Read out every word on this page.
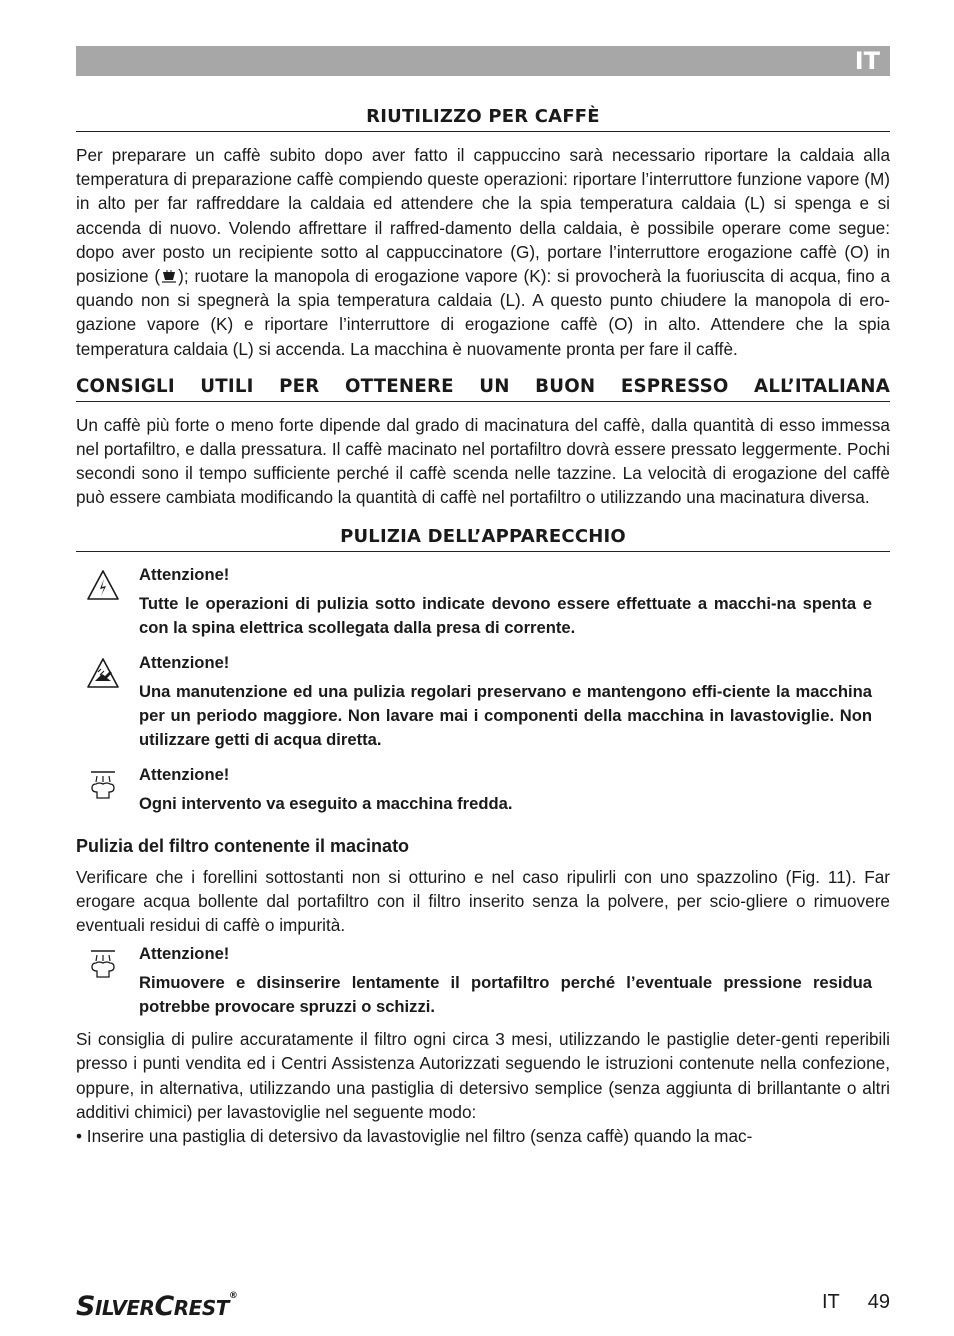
IT
RIUTILIZZO PER CAFFÈ

Per preparare un caffè subito dopo aver fatto il cappuccino sarà necessario riportare la caldaia alla temperatura di preparazione caffè compiendo queste operazioni: riportare l’interruttore funzione vapore (M) in alto per far raffreddare la caldaia ed attendere che la spia temperatura caldaia (L) si spenga e si accenda di nuovo. Volendo affrettare il raffred-damento della caldaia, è possibile operare come segue: dopo aver posto un recipiente sotto al cappuccinatore (G), portare l’interruttore erogazione caffè (O) in posizione ( ); ruotare la manopola di erogazione vapore (K): si provocherà la fuoriuscita di acqua, fino a quando non si spegnerà la spia temperatura caldaia (L). A questo punto chiudere la manopola di ero-gazione vapore (K) e riportare l’interruttore di erogazione caffè (O) in alto. Attendere che la spia temperatura caldaia (L) si accenda. La macchina è nuovamente pronta per fare il caffè.

CONSIGLI UTILI PER OTTENERE UN BUON ESPRESSO ALL’ITALIANA

Un caffè più forte o meno forte dipende dal grado di macinatura del caffè, dalla quantità di esso immessa nel portafiltro, e dalla pressatura. Il caffè macinato nel portafiltro dovrà essere pressato leggermente. Pochi secondi sono il tempo sufficiente perché il caffè scenda nelle tazzine. La velocità di erogazione del caffè può essere cambiata modificando la quantità di caffè nel portafiltro o utilizzando una macinatura diversa.

PULIZIA DELL’APPARECCHIO

Attenzione!

Tutte le operazioni di pulizia sotto indicate devono essere effettuate a macchi-na spenta e con la spina elettrica scollegata dalla presa di corrente.

Attenzione!

Una manutenzione ed una pulizia regolari preservano e mantengono effi-ciente la macchina per un periodo maggiore. Non lavare mai i componenti della macchina in lavastoviglie. Non utilizzare getti di acqua diretta.

Attenzione!

Ogni intervento va eseguito a macchina fredda.

Pulizia del filtro contenente il macinato

Verificare che i forellini sottostanti non si otturino e nel caso ripulirli con uno spazzolino (Fig. 11). Far erogare acqua bollente dal portafiltro con il filtro inserito senza la polvere, per scio-gliere o rimuovere eventuali residui di caffè o impurità.

Attenzione!

Rimuovere e disinserire lentamente il portafiltro perché l’eventuale pressione residua potrebbe provocare spruzzi o schizzi.

Si consiglia di pulire accuratamente il filtro ogni circa 3 mesi, utilizzando le pastiglie deter-genti reperibili presso i punti vendita ed i Centri Assistenza Autorizzati seguendo le istruzioni contenute nella confezione, oppure, in alternativa, utilizzando una pastiglia di detersivo semplice (senza aggiunta di brillantante o altri additivi chimici) per lavastoviglie nel seguente modo:

• Inserire una pastiglia di detersivo da lavastoviglie nel filtro (senza caffè) quando la mac-

SILVERCREST®	IT 49
